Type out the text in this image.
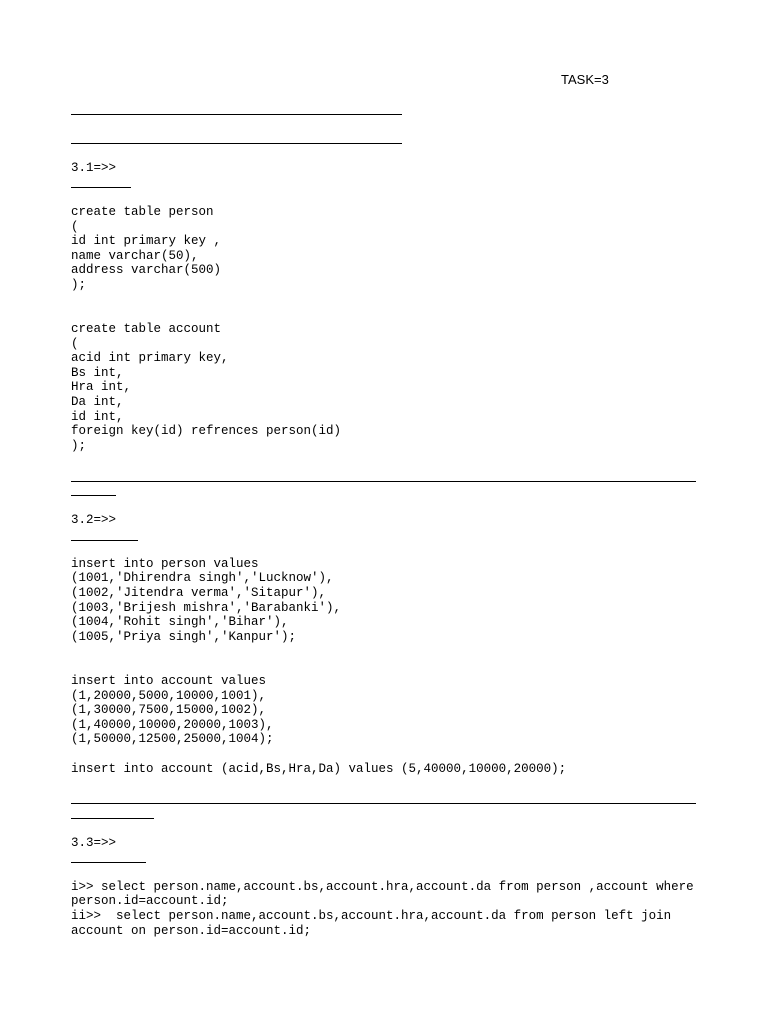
TASK=3
3.1=>>
create table person
(
id int primary key ,
name varchar(50),
address varchar(500)
);
create table account
(
acid int primary key,
Bs int,
Hra int,
Da int,
id int,
foreign key(id) refrences person(id)
);
3.2=>>
insert into person values
(1001,'Dhirendra singh','Lucknow'),
(1002,'Jitendra verma','Sitapur'),
(1003,'Brijesh mishra','Barabanki'),
(1004,'Rohit singh','Bihar'),
(1005,'Priya singh','Kanpur');
insert into account values
(1,20000,5000,10000,1001),
(1,30000,7500,15000,1002),
(1,40000,10000,20000,1003),
(1,50000,12500,25000,1004);
insert into account (acid,Bs,Hra,Da) values (5,40000,10000,20000);
3.3=>>
i>> select person.name,account.bs,account.hra,account.da from person ,account where
person.id=account.id;
ii>>  select person.name,account.bs,account.hra,account.da from person left join
account on person.id=account.id;
